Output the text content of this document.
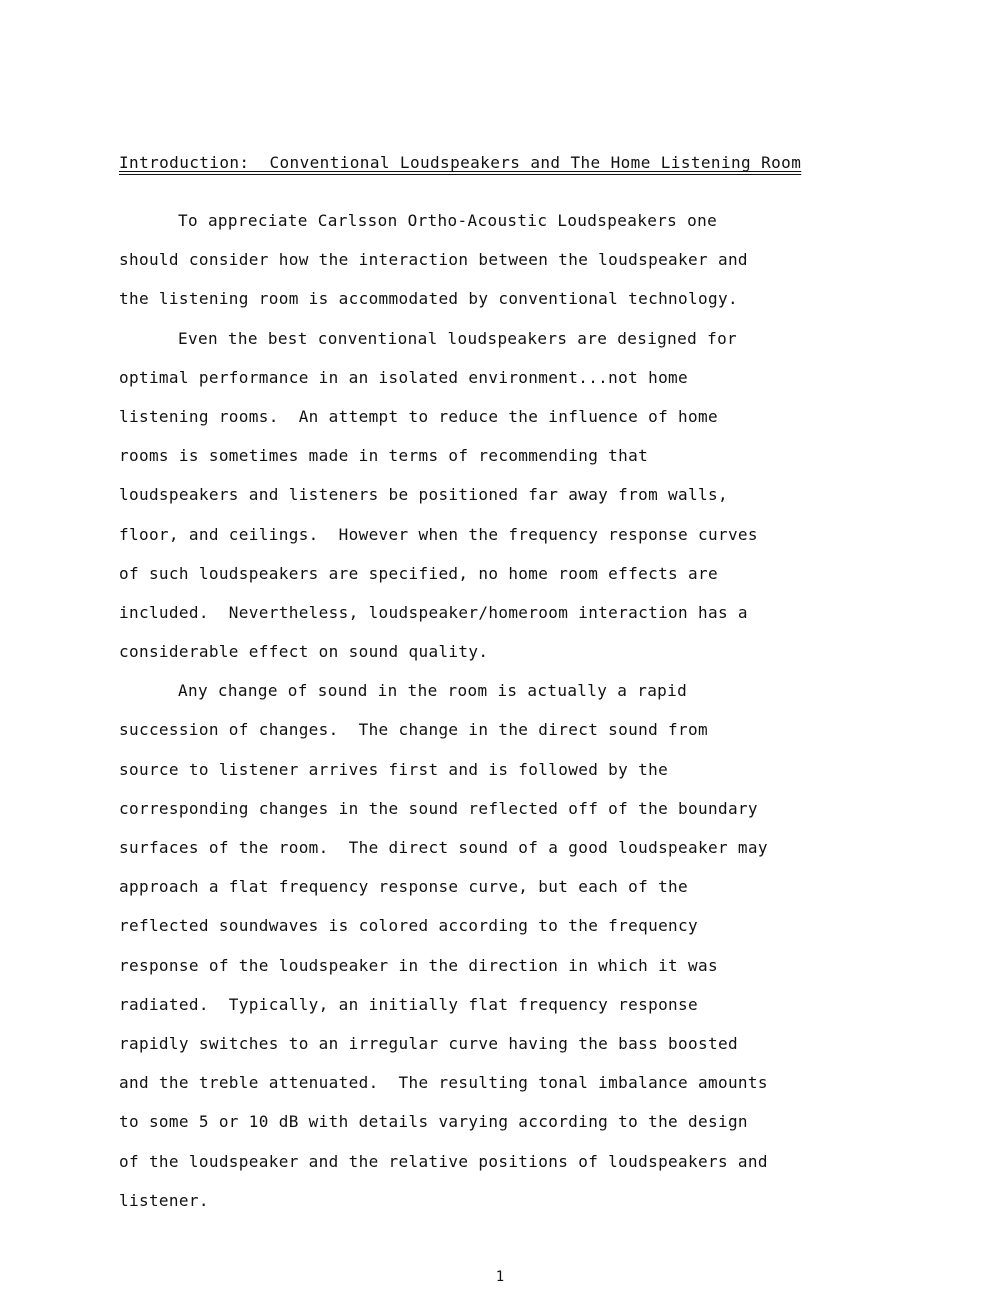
Introduction:  Conventional Loudspeakers and The Home Listening Room
To appreciate Carlsson Ortho-Acoustic Loudspeakers one
should consider how the interaction between the loudspeaker and
the listening room is accommodated by conventional technology.
Even the best conventional loudspeakers are designed for
optimal performance in an isolated environment...not home
listening rooms.  An attempt to reduce the influence of home
rooms is sometimes made in terms of recommending that
loudspeakers and listeners be positioned far away from walls,
floor, and ceilings.  However when the frequency response curves
of such loudspeakers are specified, no home room effects are
included.  Nevertheless, loudspeaker/homeroom interaction has a
considerable effect on sound quality.
Any change of sound in the room is actually a rapid
succession of changes.  The change in the direct sound from
source to listener arrives first and is followed by the
corresponding changes in the sound reflected off of the boundary
surfaces of the room.  The direct sound of a good loudspeaker may
approach a flat frequency response curve, but each of the
reflected soundwaves is colored according to the frequency
response of the loudspeaker in the direction in which it was
radiated.  Typically, an initially flat frequency response
rapidly switches to an irregular curve having the bass boosted
and the treble attenuated.  The resulting tonal imbalance amounts
to some 5 or 10 dB with details varying according to the design
of the loudspeaker and the relative positions of loudspeakers and
listener.
1
